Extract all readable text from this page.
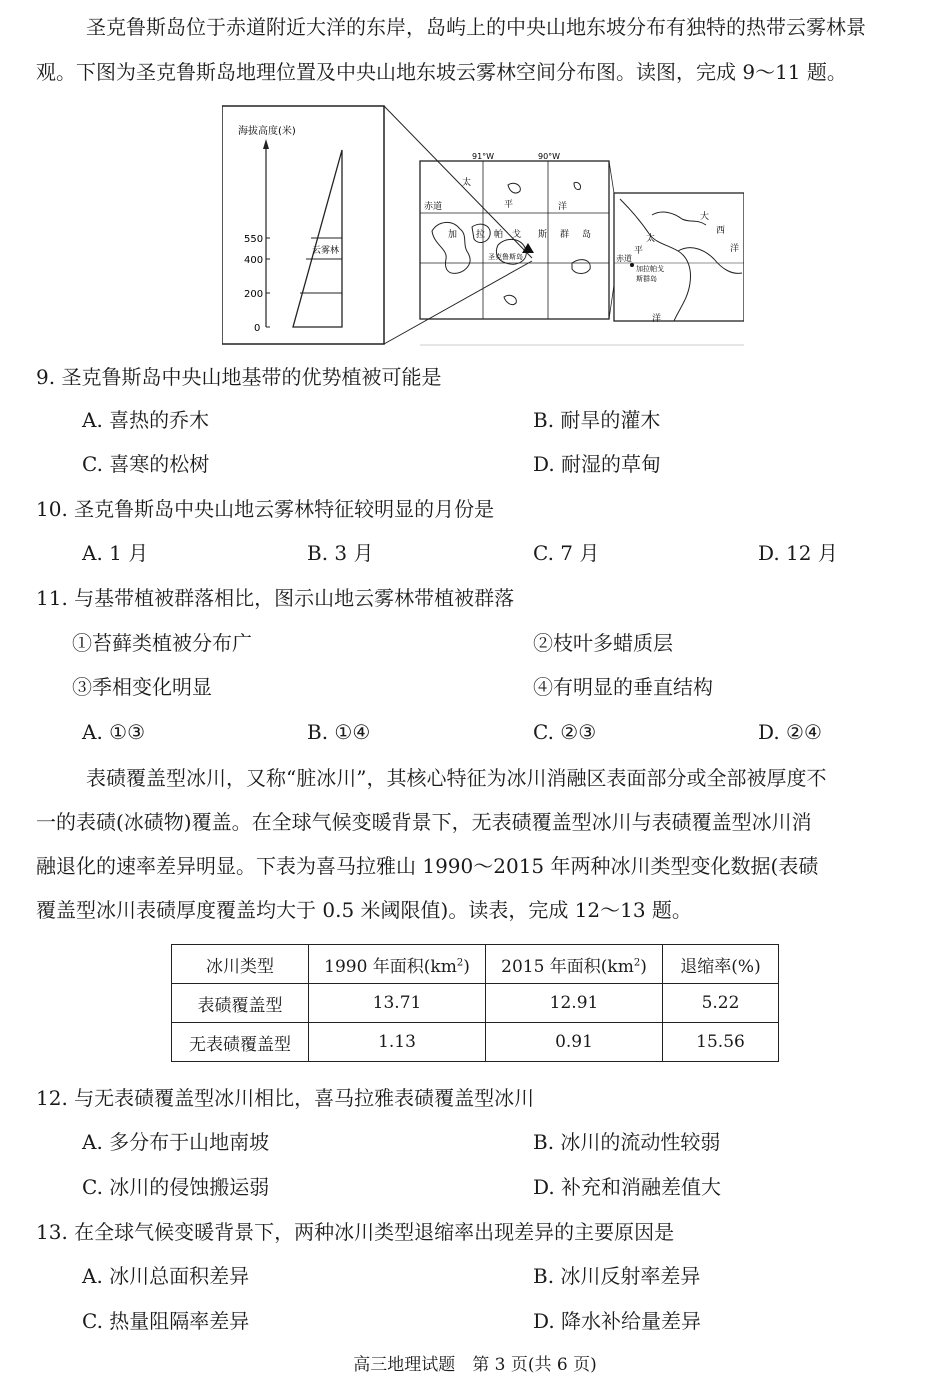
圣克鲁斯岛位于赤道附近大洋的东岸，岛屿上的中央山地东坡分布有独特的热带云雾林景
观。下图为圣克鲁斯岛地理位置及中央山地东坡云雾林空间分布图。读图，完成 9～11 题。
海拔高度(米)
550
400
200
0
云雾林
91°W	90°W
太
平	洋
赤道
加 拉 帕 戈 斯 群 岛
圣克鲁斯岛
太
平
洋
赤道
大
西
洋
加拉帕戈
斯群岛
9. 圣克鲁斯岛中央山地基带的优势植被可能是
A. 喜热的乔木	B. 耐旱的灌木
C. 喜寒的松树	D. 耐湿的草甸
10. 圣克鲁斯岛中央山地云雾林特征较明显的月份是
A. 1 月	B. 3 月	C. 7 月	D. 12 月
11. 与基带植被群落相比，图示山地云雾林带植被群落
①苔藓类植被分布广	②枝叶多蜡质层
③季相变化明显	④有明显的垂直结构
A. ①③	B. ①④	C. ②③	D. ②④
表碛覆盖型冰川，又称“脏冰川”，其核心特征为冰川消融区表面部分或全部被厚度不
一的表碛(冰碛物)覆盖。在全球气候变暖背景下，无表碛覆盖型冰川与表碛覆盖型冰川消
融退化的速率差异明显。下表为喜马拉雅山 1990～2015 年两种冰川类型变化数据(表碛
覆盖型冰川表碛厚度覆盖均大于 0.5 米阈限值)。读表，完成 12～13 题。
冰川类型	1990 年面积$(km^2)$	2015 年面积$(km^2)$	退缩率(%)
表碛覆盖型	13.71	12.91	5.22
无表碛覆盖型	1.13	0.91	15.56
12. 与无表碛覆盖型冰川相比，喜马拉雅表碛覆盖型冰川
A. 多分布于山地南坡	B. 冰川的流动性较弱
C. 冰川的侵蚀搬运弱	D. 补充和消融差值大
13. 在全球气候变暖背景下，两种冰川类型退缩率出现差异的主要原因是
A. 冰川总面积差异	B. 冰川反射率差异
C. 热量阻隔率差异	D. 降水补给量差异
高三地理试题　第 3 页(共 6 页)
